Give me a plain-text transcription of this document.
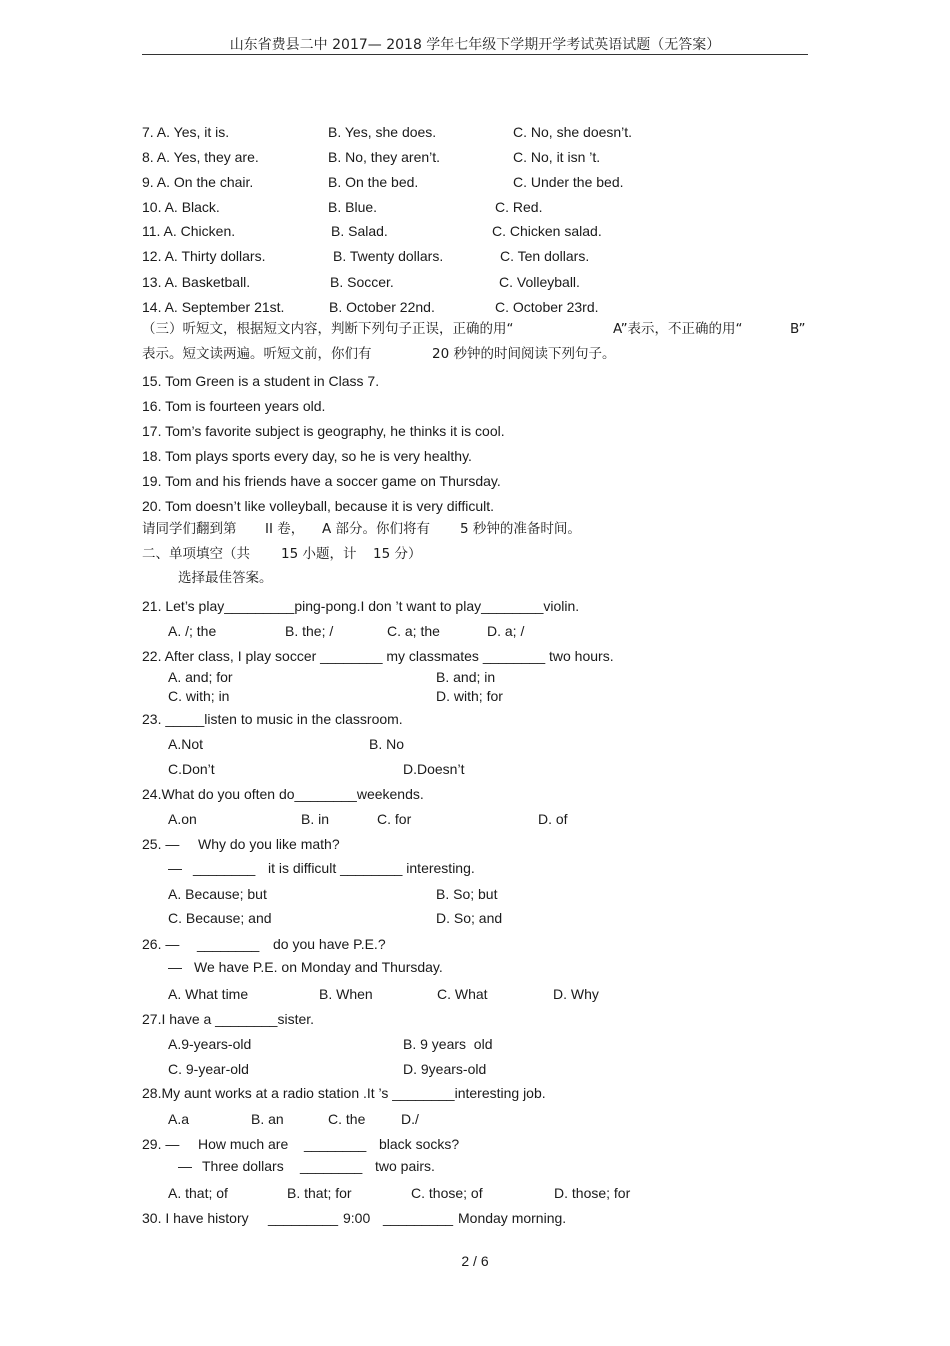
山东省费县二中 2017— 2018 学年七年级下学期开学考试英语试题（无答案）
7. A. Yes, it is.	B. Yes, she does.	C. No, she doesn’t.
8. A. Yes, they are.	B. No, they aren’t.	C. No, it isn ’t.
9. A. On the chair.	B. On the bed.	C. Under the bed.
10. A. Black.	B. Blue.	C. Red.
11. A. Chicken.	B. Salad.	C. Chicken salad.
12. A. Thirty dollars.	B. Twenty dollars.	C. Ten dollars.
13. A. Basketball.	B. Soccer.	C. Volleyball.
14. A. September 21st.	B. October 22nd.	C. October 23rd.
（三）听短文，根据短文内容，判断下列句子正误，正确的用“	A”表示，不正确的用“	B”
表示。短文读两遍。听短文前，你们有	20 秒钟的时间阅读下列句子。
15. Tom Green is a student in Class 7.
16. Tom is fourteen years old.
17. Tom’s favorite subject is geography, he thinks it is cool.
18. Tom plays sports every day, so he is very healthy.
19. Tom and his friends have a soccer game on Thursday.
20. Tom doesn’t like volleyball, because it is very difficult.
请同学们翻到第 II 卷， A 部分。你们将有 5 秒钟的准备时间。
二、单项填空（共 15 小题，计 15 分）
选择最佳答案。
21. Let’s play_________ping-pong.I don ’t want to play________violin.
A. /; the	B. the; /	C. a; the	D. a; /
22. After class, I play soccer ________ my classmates ________ two hours.
A. and; for	B. and; in
C. with; in	D. with; for
23. _____listen to music in the classroom.
A.Not	B. No
C.Don’t	D.Doesn’t
24.What do you often do________weekends.
A.on	B. in	C. for	D. of
25. — Why do you like math?
— ________ it is difficult ________ interesting.
A. Because; but	B. So; but
C. Because; and	D. So; and
26. — ________ do you have P.E.?
— We have P.E. on Monday and Thursday.
A. What time	B. When	C. What	D. Why
27.I have a ________sister.
A.9-years-old	B. 9 years  old
C. 9-year-old	D. 9years-old
28.My aunt works at a radio station .It ’s ________interesting job.
A.a	B. an	C. the	D./
29. — How much are ________ black socks?
— Three dollars ________ two pairs.
A. that; of	B. that; for	C. those; of	D. those; for
30. I have history _________ 9:00 _________ Monday morning.
2 / 6
